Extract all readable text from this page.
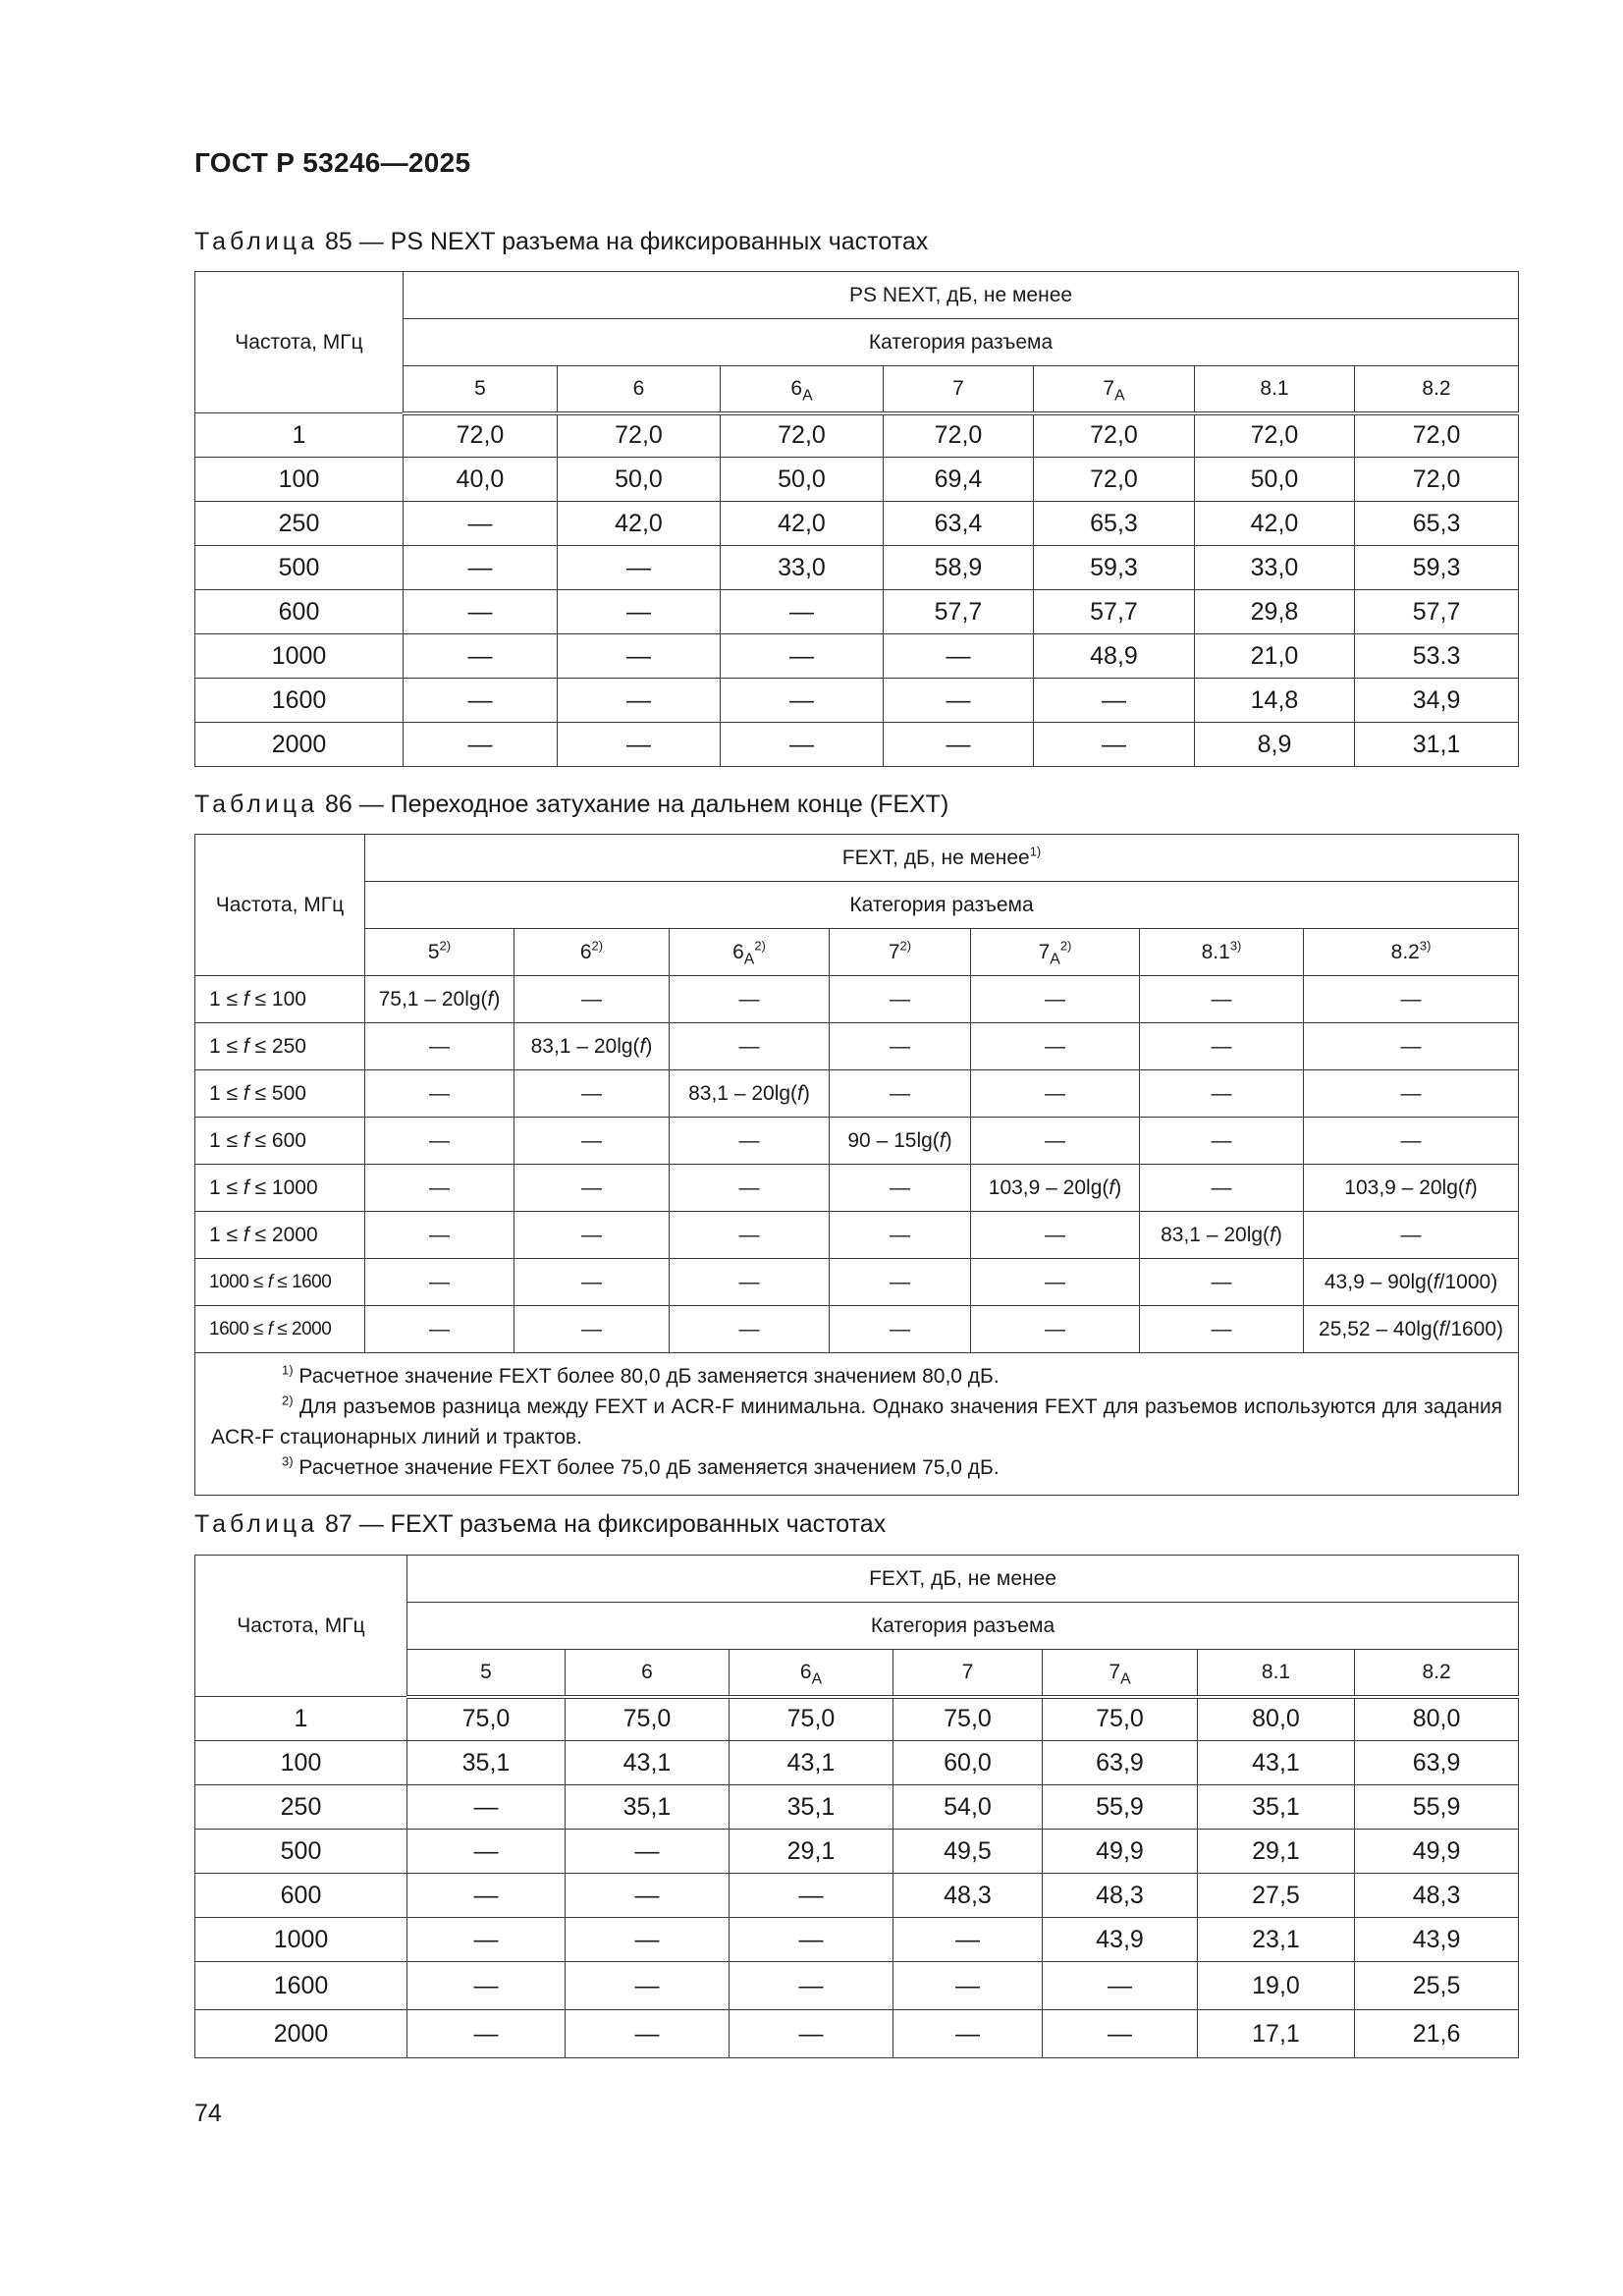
ГОСТ Р 53246—2025
Таблица 85 — PS NEXT разъема на фиксированных частотах
Частота, МГц	PS NEXT, дБ, не менее						
	Категория разъема						
	5	6	$6_A$	7	$7_A$	8.1	8.2
1	72,0	72,0	72,0	72,0	72,0	72,0	72,0
100	40,0	50,0	50,0	69,4	72,0	50,0	72,0
250	—	42,0	42,0	63,4	65,3	42,0	65,3
500	—	—	33,0	58,9	59,3	33,0	59,3
600	—	—	—	57,7	57,7	29,8	57,7
1000	—	—	—	—	48,9	21,0	53.3
1600	—	—	—	—	—	14,8	34,9
2000	—	—	—	—	—	8,9	31,1
Таблица 86 — Переходное затухание на дальнем конце (FEXT)
Частота, МГц	FEXT, дБ, не менее$^{1)}$
	Категория разъема						
	5$^{2)}$	6$^{2)}$	$6_A^{2)}$	7$^{2)}$	$7_A^{2)}$	8.1$^{3)}$	8.2$^{3)}$
1 ≤ f ≤ 100	75,1 – 20lg(f)	—	—	—	—	—	—
1 ≤ f ≤ 250	—	83,1 – 20lg(f)	—	—	—	—	—
1 ≤ f ≤ 500	—	—	83,1 – 20lg(f)	—	—	—	—
1 ≤ f ≤ 600	—	—	—	90 – 15lg(f)	—	—	—
1 ≤ f ≤ 1000	—	—	—	—	103,9 – 20lg(f)	—	103,9 – 20lg(f)
1 ≤ f ≤ 2000	—	—	—	—	—	83,1 – 20lg(f)	—
1000 ≤ f ≤ 1600	—	—	—	—	—	—	43,9 – 90lg(f/1000)
1600 ≤ f ≤ 2000	—	—	—	—	—	—	25,52 – 40lg(f/1600)

$^{1)}$ Расчетное значение FEXT более 80,0 дБ заменяется значением 80,0 дБ.
$^{2)}$ Для разъемов разница между FEXT и ACR-F минимальна. Однако значения FEXT для разъемов используются для задания ACR-F стационарных линий и трактов.
$^{3)}$ Расчетное значение FEXT более 75,0 дБ заменяется значением 75,0 дБ.							
Таблица 87 — FEXT разъема на фиксированных частотах
Частота, МГц	FEXT, дБ, не менее						
	Категория разъема						
	5	6	$6_A$	7	$7_A$	8.1	8.2
1	75,0	75,0	75,0	75,0	75,0	80,0	80,0
100	35,1	43,1	43,1	60,0	63,9	43,1	63,9
250	—	35,1	35,1	54,0	55,9	35,1	55,9
500	—	—	29,1	49,5	49,9	29,1	49,9
600	—	—	—	48,3	48,3	27,5	48,3
1000	—	—	—	—	43,9	23,1	43,9
1600	—	—	—	—	—	19,0	25,5
2000	—	—	—	—	—	17,1	21,6
74
